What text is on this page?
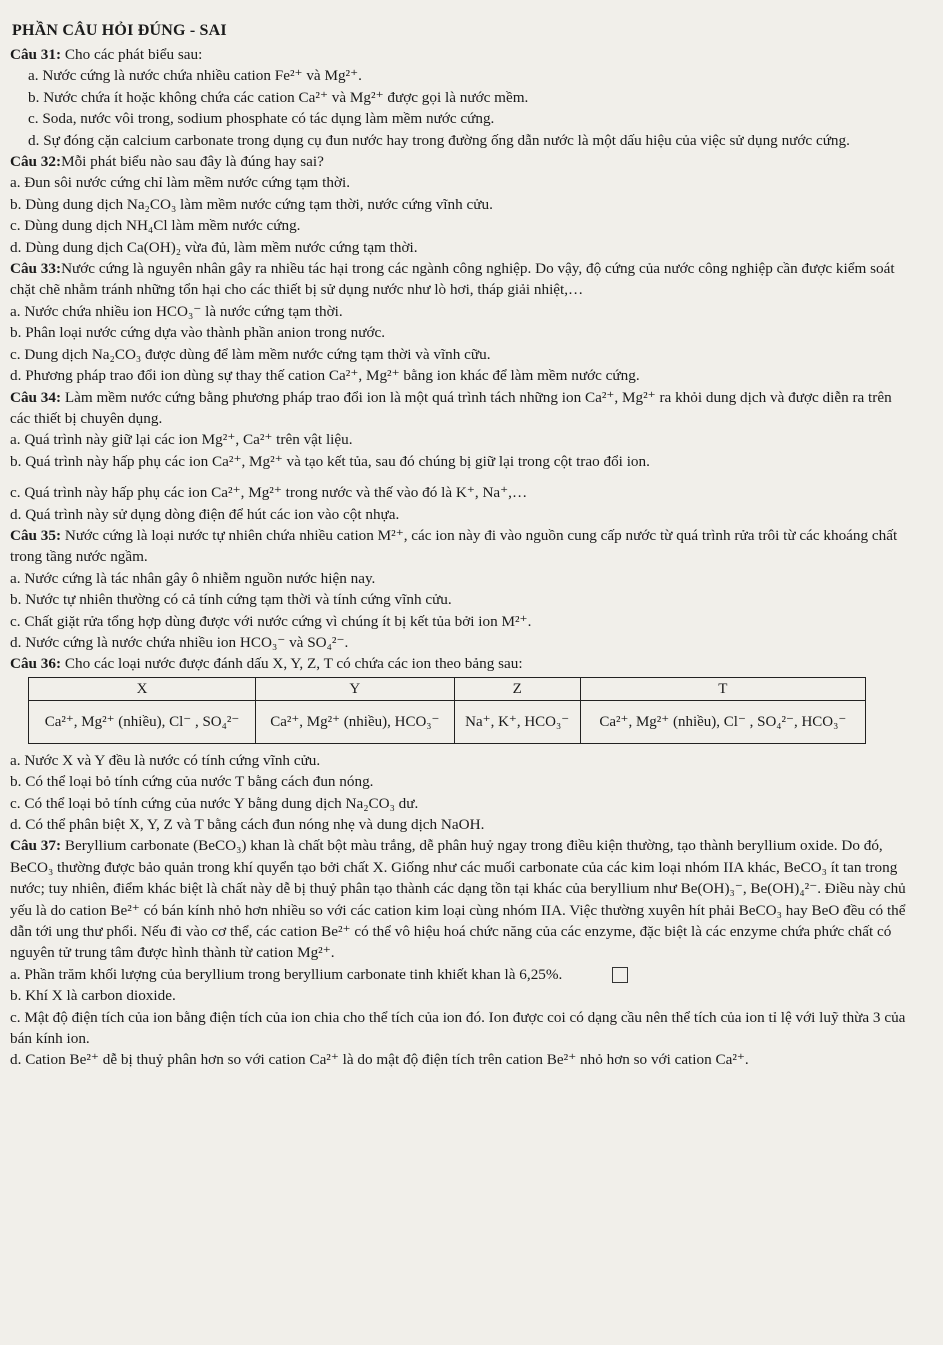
PHẦN CÂU HỎI ĐÚNG - SAI

Câu 31: Cho các phát biểu sau:

a. Nước cứng là nước chứa nhiều cation Fe²⁺ và Mg²⁺.

b. Nước chứa ít hoặc không chứa các cation Ca²⁺ và Mg²⁺ được gọi là nước mềm.

c. Soda, nước vôi trong, sodium phosphate có tác dụng làm mềm nước cứng.

d. Sự đóng cặn calcium carbonate trong dụng cụ đun nước hay trong đường ống dẫn nước là một dấu hiệu của việc sử dụng nước cứng.

Câu 32:Mỗi phát biểu nào sau đây là đúng hay sai?

a. Đun sôi nước cứng chỉ làm mềm nước cứng tạm thời.

b. Dùng dung dịch Na₂CO₃ làm mềm nước cứng tạm thời, nước cứng vĩnh cửu.

c. Dùng dung dịch NH₄Cl làm mềm nước cứng.

d. Dùng dung dịch Ca(OH)₂ vừa đủ, làm mềm nước cứng tạm thời.

Câu 33:Nước cứng là nguyên nhân gây ra nhiều tác hại trong các ngành công nghiệp. Do vậy, độ cứng của nước công nghiệp cần được kiểm soát chặt chẽ nhằm tránh những tổn hại cho các thiết bị sử dụng nước như lò hơi, tháp giải nhiệt,…

a. Nước chứa nhiều ion HCO₃⁻ là nước cứng tạm thời.

b. Phân loại nước cứng dựa vào thành phần anion trong nước.

c. Dung dịch Na₂CO₃ được dùng để làm mềm nước cứng tạm thời và vĩnh cữu.

d. Phương pháp trao đổi ion dùng sự thay thế cation Ca²⁺, Mg²⁺ bằng ion khác để làm mềm nước cứng.

Câu 34: Làm mềm nước cứng bằng phương pháp trao đổi ion là một quá trình tách những ion Ca²⁺, Mg²⁺ ra khỏi dung dịch và được diễn ra trên các thiết bị chuyên dụng.

a. Quá trình này giữ lại các ion Mg²⁺, Ca²⁺ trên vật liệu.

b. Quá trình này hấp phụ các ion Ca²⁺, Mg²⁺ và tạo kết tủa, sau đó chúng bị giữ lại trong cột trao đổi ion.

c. Quá trình này hấp phụ các ion Ca²⁺, Mg²⁺ trong nước và thế vào đó là K⁺, Na⁺,…

d. Quá trình này sử dụng dòng điện để hút các ion vào cột nhựa.

Câu 35: Nước cứng là loại nước tự nhiên chứa nhiều cation M²⁺, các ion này đi vào nguồn cung cấp nước từ quá trình rửa trôi từ các khoáng chất trong tầng nước ngầm.

a. Nước cứng là tác nhân gây ô nhiễm nguồn nước hiện nay.

b. Nước tự nhiên thường có cả tính cứng tạm thời và tính cứng vĩnh cửu.

c. Chất giặt rửa tổng hợp dùng được với nước cứng vì chúng ít bị kết tủa bởi ion M²⁺.

d. Nước cứng là nước chứa nhiều ion HCO₃⁻ và SO₄²⁻.

Câu 36: Cho các loại nước được đánh dấu X, Y, Z, T có chứa các ion theo bảng sau:

X	Y	Z	T
Ca²⁺, Mg²⁺ (nhiều), Cl⁻ , SO₄²⁻	Ca²⁺, Mg²⁺ (nhiều), HCO₃⁻	Na⁺, K⁺, HCO₃⁻	Ca²⁺, Mg²⁺ (nhiều), Cl⁻ , SO₄²⁻, HCO₃⁻

a. Nước X và Y đều là nước có tính cứng vĩnh cửu.

b. Có thể loại bỏ tính cứng của nước T bằng cách đun nóng.

c. Có thể loại bỏ tính cứng của nước Y bằng dung dịch Na₂CO₃ dư.

d. Có thể phân biệt X, Y, Z và T bằng cách đun nóng nhẹ và dung dịch NaOH.

Câu 37: Beryllium carbonate (BeCO₃) khan là chất bột màu trắng, dễ phân huỷ ngay trong điều kiện thường, tạo thành beryllium oxide. Do đó, BeCO₃ thường được bảo quản trong khí quyển tạo bởi chất X. Giống như các muối carbonate của các kim loại nhóm IIA khác, BeCO₃ ít tan trong nước; tuy nhiên, điểm khác biệt là chất này dễ bị thuỷ phân tạo thành các dạng tồn tại khác của beryllium như Be(OH)₃⁻, Be(OH)₄²⁻. Điều này chủ yếu là do cation Be²⁺ có bán kính nhỏ hơn nhiều so với các cation kim loại cùng nhóm IIA. Việc thường xuyên hít phải BeCO₃ hay BeO đều có thể dẫn tới ung thư phổi. Nếu đi vào cơ thể, các cation Be²⁺ có thể vô hiệu hoá chức năng của các enzyme, đặc biệt là các enzyme chứa phức chất có nguyên tử trung tâm được hình thành từ cation Mg²⁺.

a. Phần trăm khối lượng của beryllium trong beryllium carbonate tinh khiết khan là 6,25%.

b. Khí X là carbon dioxide.

c. Mật độ điện tích của ion bằng điện tích của ion chia cho thể tích của ion đó. Ion được coi có dạng cầu nên thể tích của ion tỉ lệ với luỹ thừa 3 của bán kính ion.

d. Cation Be²⁺ dễ bị thuỷ phân hơn so với cation Ca²⁺ là do mật độ điện tích trên cation Be²⁺ nhỏ hơn so với cation Ca²⁺.
